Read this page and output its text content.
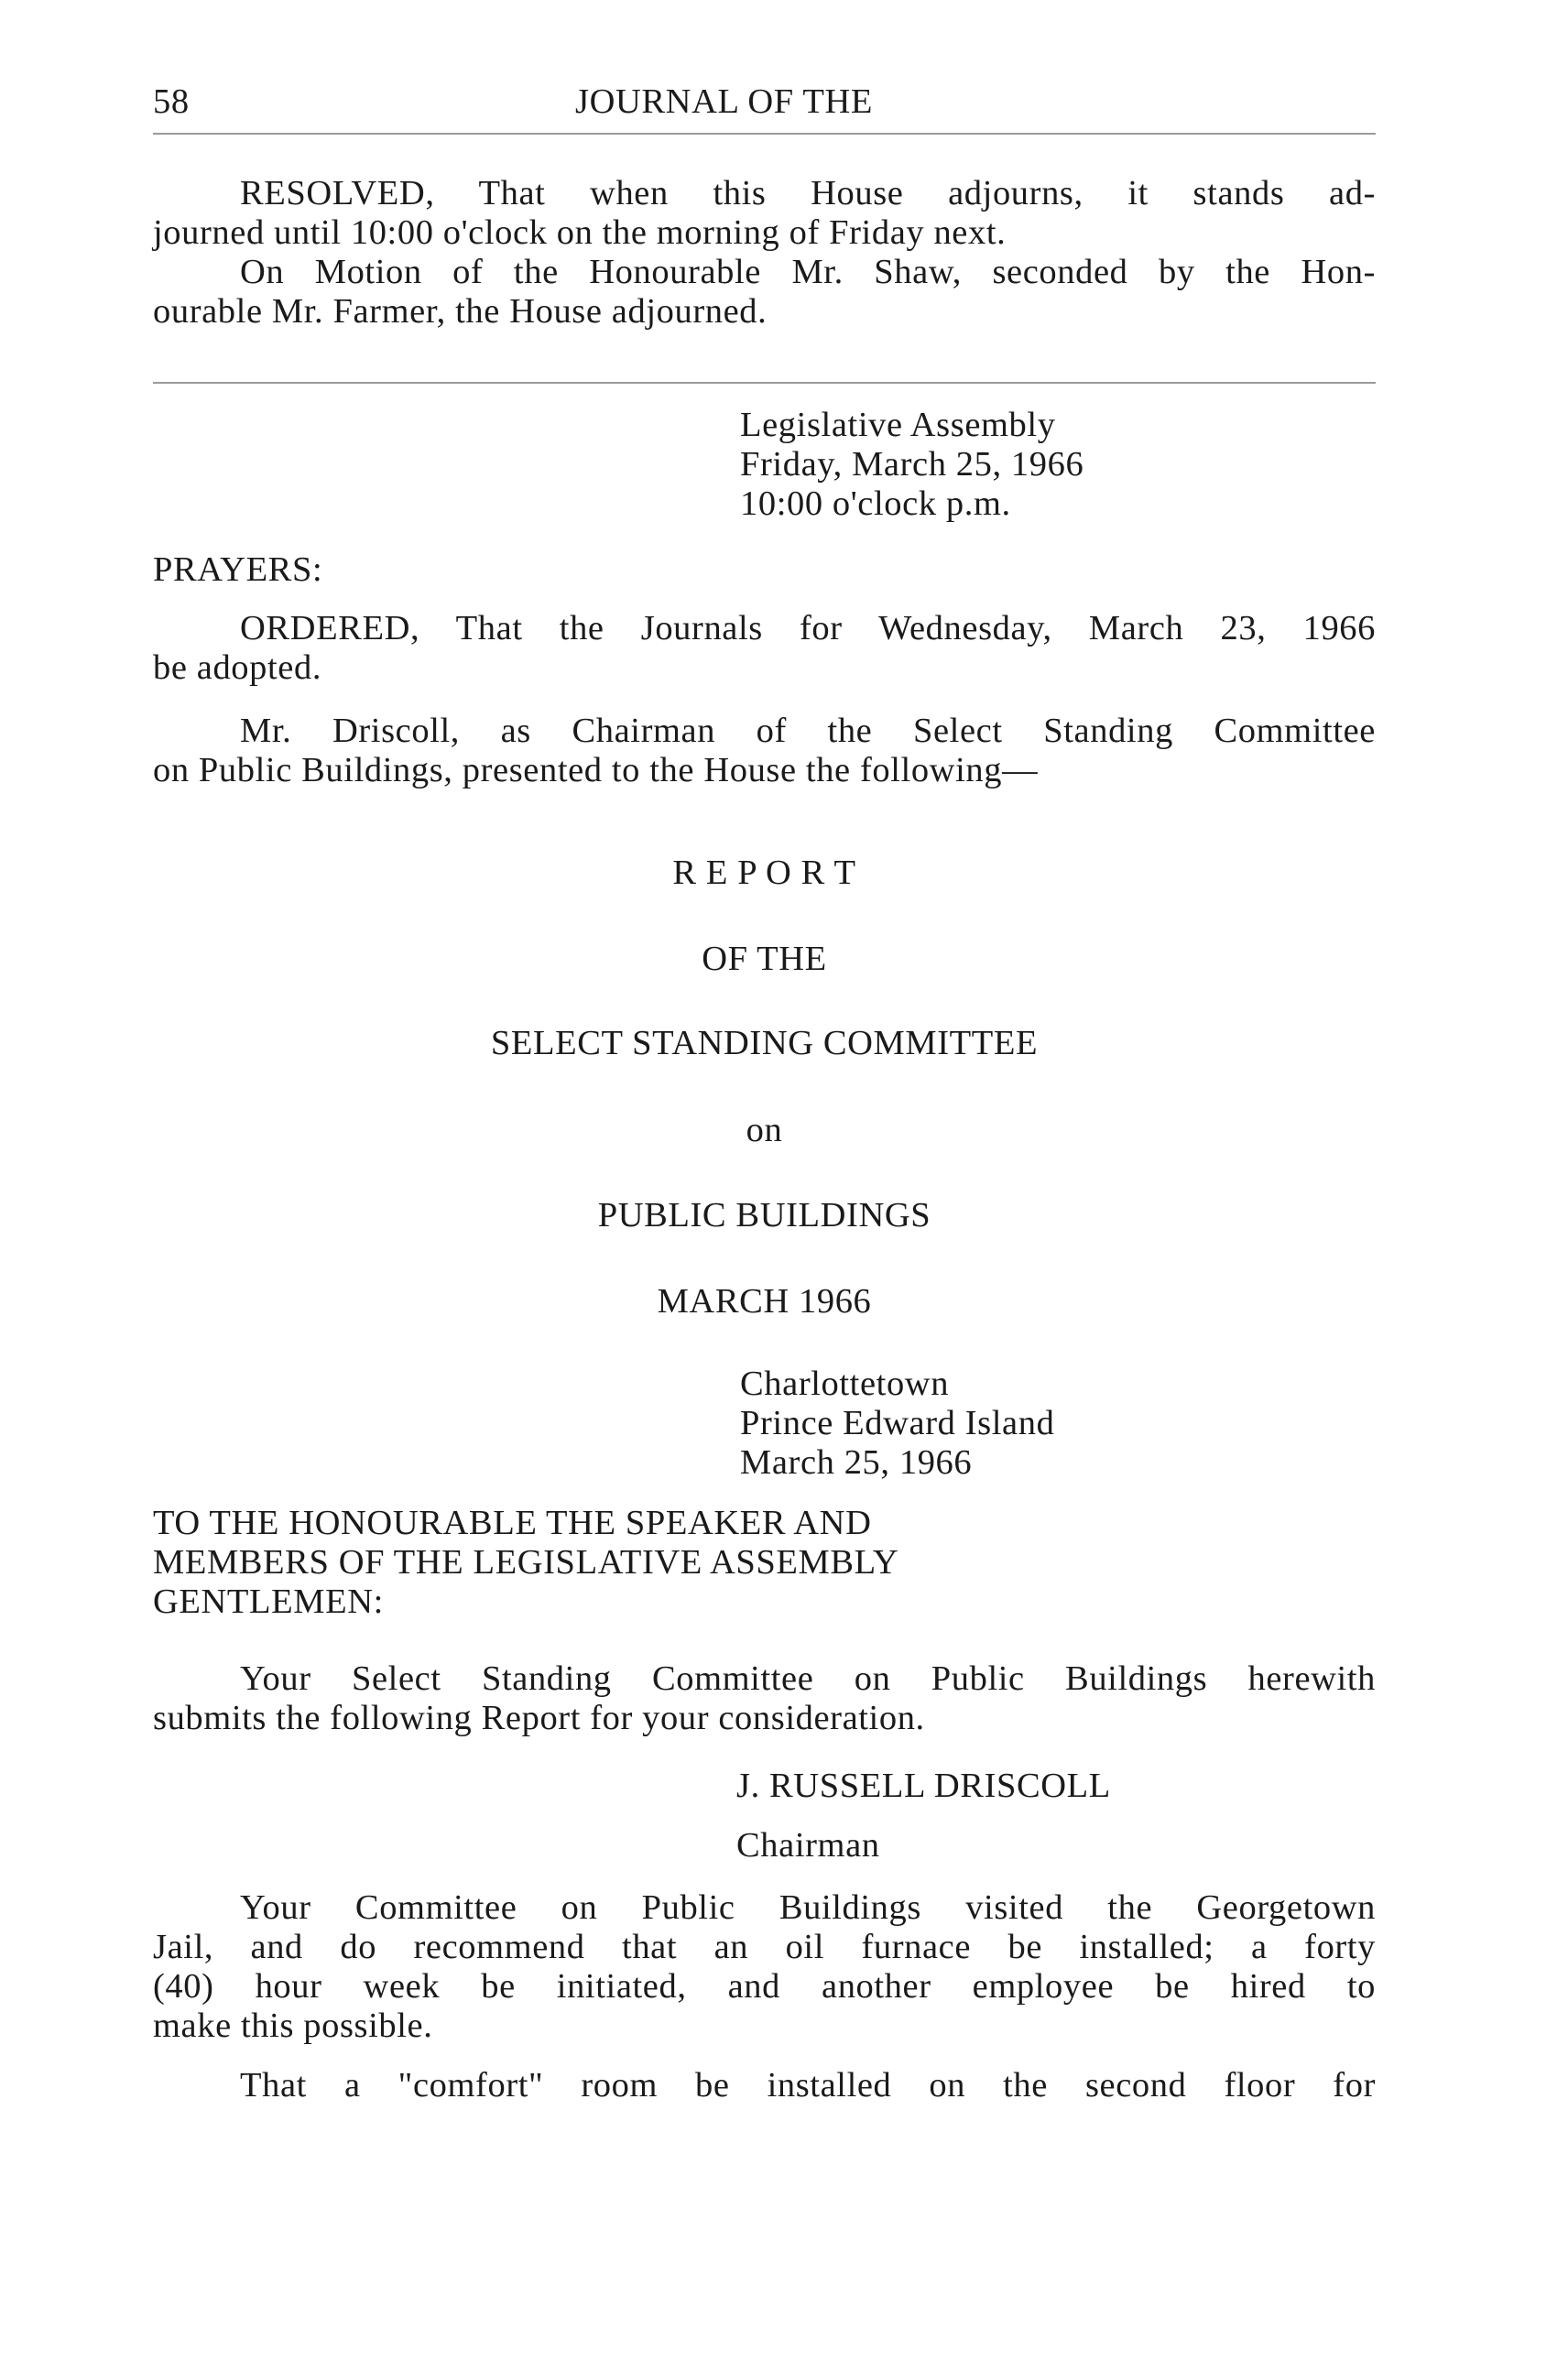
58	JOURNAL OF THE
RESOLVED, That when this House adjourns, it stands ad-
journed until 10:00 o'clock on the morning of Friday next.
On Motion of the Honourable Mr. Shaw, seconded by the Hon-
ourable Mr. Farmer, the House adjourned.
Legislative Assembly
Friday, March 25, 1966
10:00 o'clock p.m.
PRAYERS:
ORDERED, That the Journals for Wednesday, March 23, 1966
be adopted.
Mr. Driscoll, as Chairman of the Select Standing Committee
on Public Buildings, presented to the House the following—
R E P O R T
OF THE
SELECT STANDING COMMITTEE
on
PUBLIC BUILDINGS
MARCH 1966
Charlottetown
Prince Edward Island
March 25, 1966
TO THE HONOURABLE THE SPEAKER AND
MEMBERS OF THE LEGISLATIVE ASSEMBLY
GENTLEMEN:
Your Select Standing Committee on Public Buildings herewith
submits the following Report for your consideration.
J. RUSSELL DRISCOLL
Chairman
Your Committee on Public Buildings visited the Georgetown
Jail, and do recommend that an oil furnace be installed; a forty
(40) hour week be initiated, and another employee be hired to
make this possible.
That a "comfort" room be installed on the second floor for
